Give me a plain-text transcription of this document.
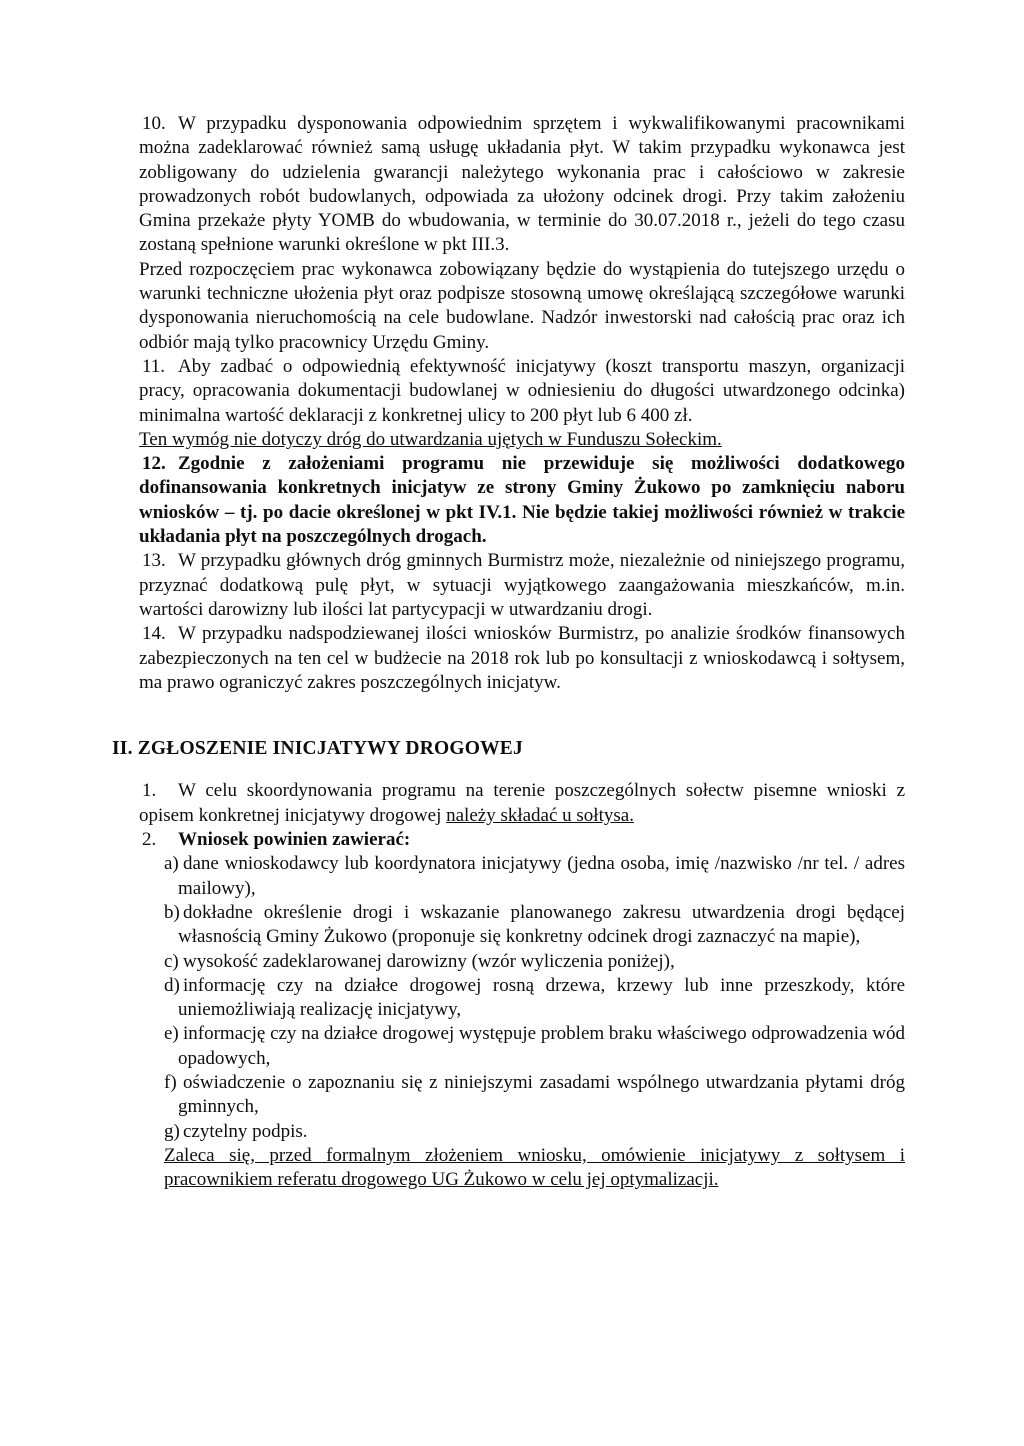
10. W przypadku dysponowania odpowiednim sprzętem i wykwalifikowanymi pracownikami można zadeklarować również samą usługę układania płyt. W takim przypadku wykonawca jest zobligowany do udzielenia gwarancji należytego wykonania prac i całościowo w zakresie prowadzonych robót budowlanych, odpowiada za ułożony odcinek drogi. Przy takim założeniu Gmina przekaże płyty YOMB do wbudowania, w terminie do 30.07.2018 r., jeżeli do tego czasu zostaną spełnione warunki określone w pkt III.3.

Przed rozpoczęciem prac wykonawca zobowiązany będzie do wystąpienia do tutejszego urzędu o warunki techniczne ułożenia płyt oraz podpisze stosowną umowę określającą szczegółowe warunki dysponowania nieruchomością na cele budowlane. Nadzór inwestorski nad całością prac oraz ich odbiór mają tylko pracownicy Urzędu Gminy.

11. Aby zadbać o odpowiednią efektywność inicjatywy (koszt transportu maszyn, organizacji pracy, opracowania dokumentacji budowlanej w odniesieniu do długości utwardzonego odcinka) minimalna wartość deklaracji z konkretnej ulicy to 200 płyt lub 6 400 zł.

Ten wymóg nie dotyczy dróg do utwardzania ujętych w Funduszu Sołeckim.

12. Zgodnie z założeniami programu nie przewiduje się możliwości dodatkowego dofinansowania konkretnych inicjatyw ze strony Gminy Żukowo po zamknięciu naboru wniosków – tj. po dacie określonej w pkt IV.1. Nie będzie takiej możliwości również w trakcie układania płyt na poszczególnych drogach.

13. W przypadku głównych dróg gminnych Burmistrz może, niezależnie od niniejszego programu, przyznać dodatkową pulę płyt, w sytuacji wyjątkowego zaangażowania mieszkańców, m.in. wartości darowizny lub ilości lat partycypacji w utwardzaniu drogi.

14. W przypadku nadspodziewanej ilości wniosków Burmistrz, po analizie środków finansowych zabezpieczonych na ten cel w budżecie na 2018 rok lub po konsultacji z wnioskodawcą i sołtysem, ma prawo ograniczyć zakres poszczególnych inicjatyw.

II. ZGŁOSZENIE INICJATYWY DROGOWEJ
1.	W celu skoordynowania programu na terenie poszczególnych sołectw pisemne wnioski z opisem konkretnej inicjatywy drogowej należy składać u sołtysa.

2.	Wniosek powinien zawierać:

a) dane wnioskodawcy lub koordynatora inicjatywy (jedna osoba, imię /nazwisko /nr tel. / adres mailowy),

b) dokładne określenie drogi i wskazanie planowanego zakresu utwardzenia drogi będącej własnością Gminy Żukowo (proponuje się konkretny odcinek drogi zaznaczyć na mapie),

c) wysokość zadeklarowanej darowizny (wzór wyliczenia poniżej),

d) informację czy na działce drogowej rosną drzewa, krzewy lub inne przeszkody, które uniemożliwiają realizację inicjatywy,

e) informację czy na działce drogowej występuje problem braku właściwego odprowadzenia wód opadowych,

f) oświadczenie o zapoznaniu się z niniejszymi zasadami wspólnego utwardzania płytami dróg gminnych,

g) czytelny podpis.

Zaleca się, przed formalnym złożeniem wniosku, omówienie inicjatywy z sołtysem i pracownikiem referatu drogowego UG Żukowo w celu jej optymalizacji.
